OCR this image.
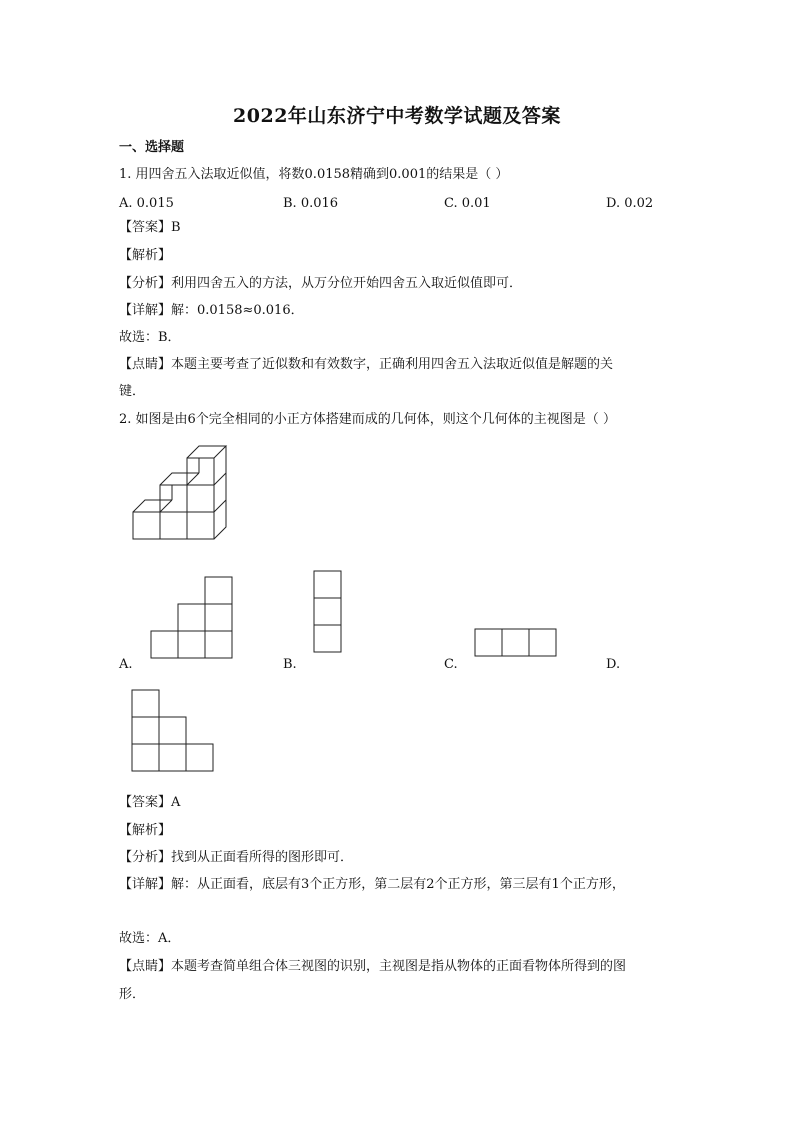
2022年山东济宁中考数学试题及答案
一、选择题
1. 用四舍五入法取近似值，将数0.0158精确到0.001的结果是（ ）
A. 0.015	B. 0.016	C. 0.01	D. 0.02
【答案】B
【解析】
【分析】利用四舍五入的方法，从万分位开始四舍五入取近似值即可．
【详解】解：0.0158≈0.016．
故选：B．
【点睛】本题主要考查了近似数和有效数字，正确利用四舍五入法取近似值是解题的关
键．
2. 如图是由6个完全相同的小正方体搭建而成的几何体，则这个几何体的主视图是（ ）
A.	B.	C.	D.
【答案】A
【解析】
【分析】找到从正面看所得的图形即可．
【详解】解：从正面看，底层有3个正方形，第二层有2个正方形，第三层有1个正方形，
故选：A．
【点睛】本题考查简单组合体三视图的识别，主视图是指从物体的正面看物体所得到的图
形．
